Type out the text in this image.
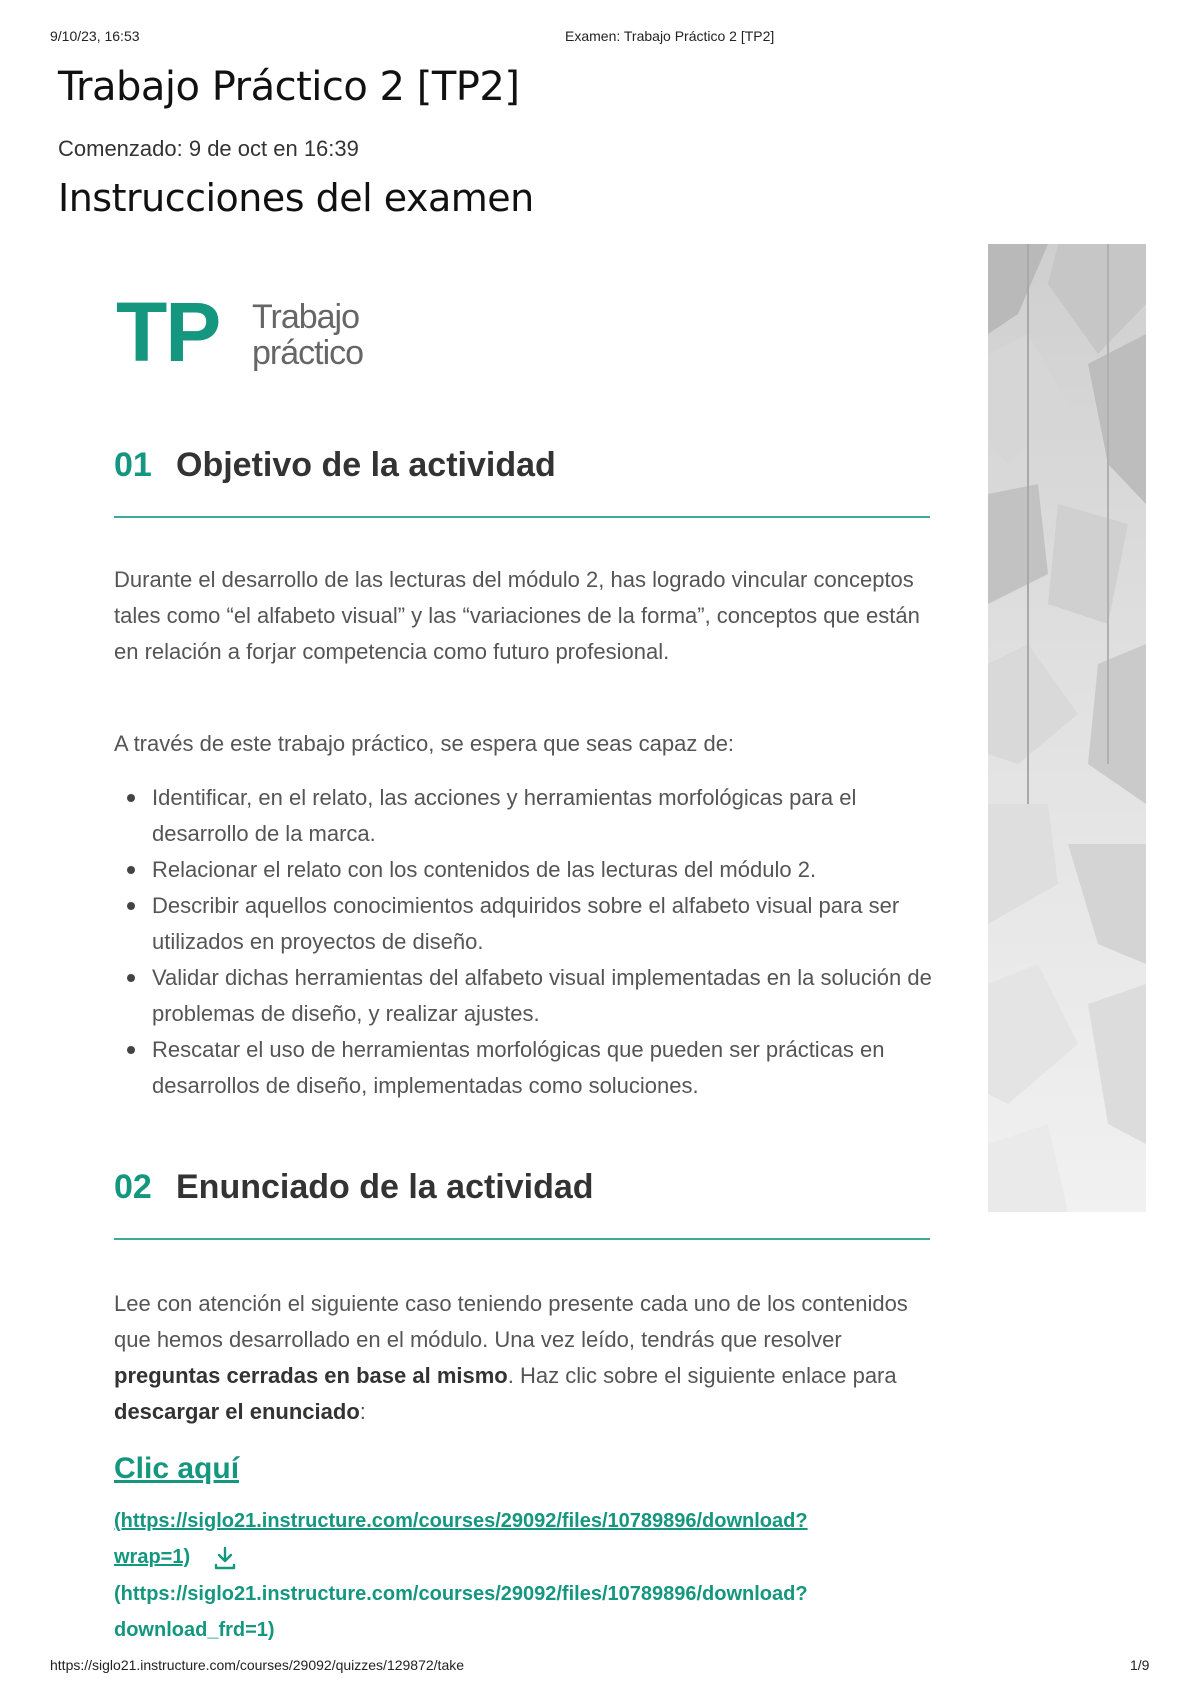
9/10/23, 16:53	Examen: Trabajo Práctico 2 [TP2]
Trabajo Práctico 2 [TP2]
Comenzado: 9 de oct en 16:39
Instrucciones del examen
TP Trabajo
práctico
01 Objetivo de la actividad

Durante el desarrollo de las lecturas del módulo 2, has logrado vincular conceptos tales como “el alfabeto visual” y las “variaciones de la forma”, conceptos que están en relación a forjar competencia como futuro profesional.

A través de este trabajo práctico, se espera que seas capaz de:

Identificar, en el relato, las acciones y herramientas morfológicas para el desarrollo de la marca.
Relacionar el relato con los contenidos de las lecturas del módulo 2.
Describir aquellos conocimientos adquiridos sobre el alfabeto visual para ser utilizados en proyectos de diseño.
Validar dichas herramientas del alfabeto visual implementadas en la solución de problemas de diseño, y realizar ajustes.
Rescatar el uso de herramientas morfológicas que pueden ser prácticas en desarrollos de diseño, implementadas como soluciones.
02 Enunciado de la actividad

Lee con atención el siguiente caso teniendo presente cada uno de los contenidos que hemos desarrollado en el módulo. Una vez leído, tendrás que resolver preguntas cerradas en base al mismo. Haz clic sobre el siguiente enlace para descargar el enunciado:

Clic aquí
(https://siglo21.instructure.com/courses/29092/files/10789896/download?
wrap=1)
(https://siglo21.instructure.com/courses/29092/files/10789896/download?
download_frd=1)
https://siglo21.instructure.com/courses/29092/quizzes/129872/take	1/9
